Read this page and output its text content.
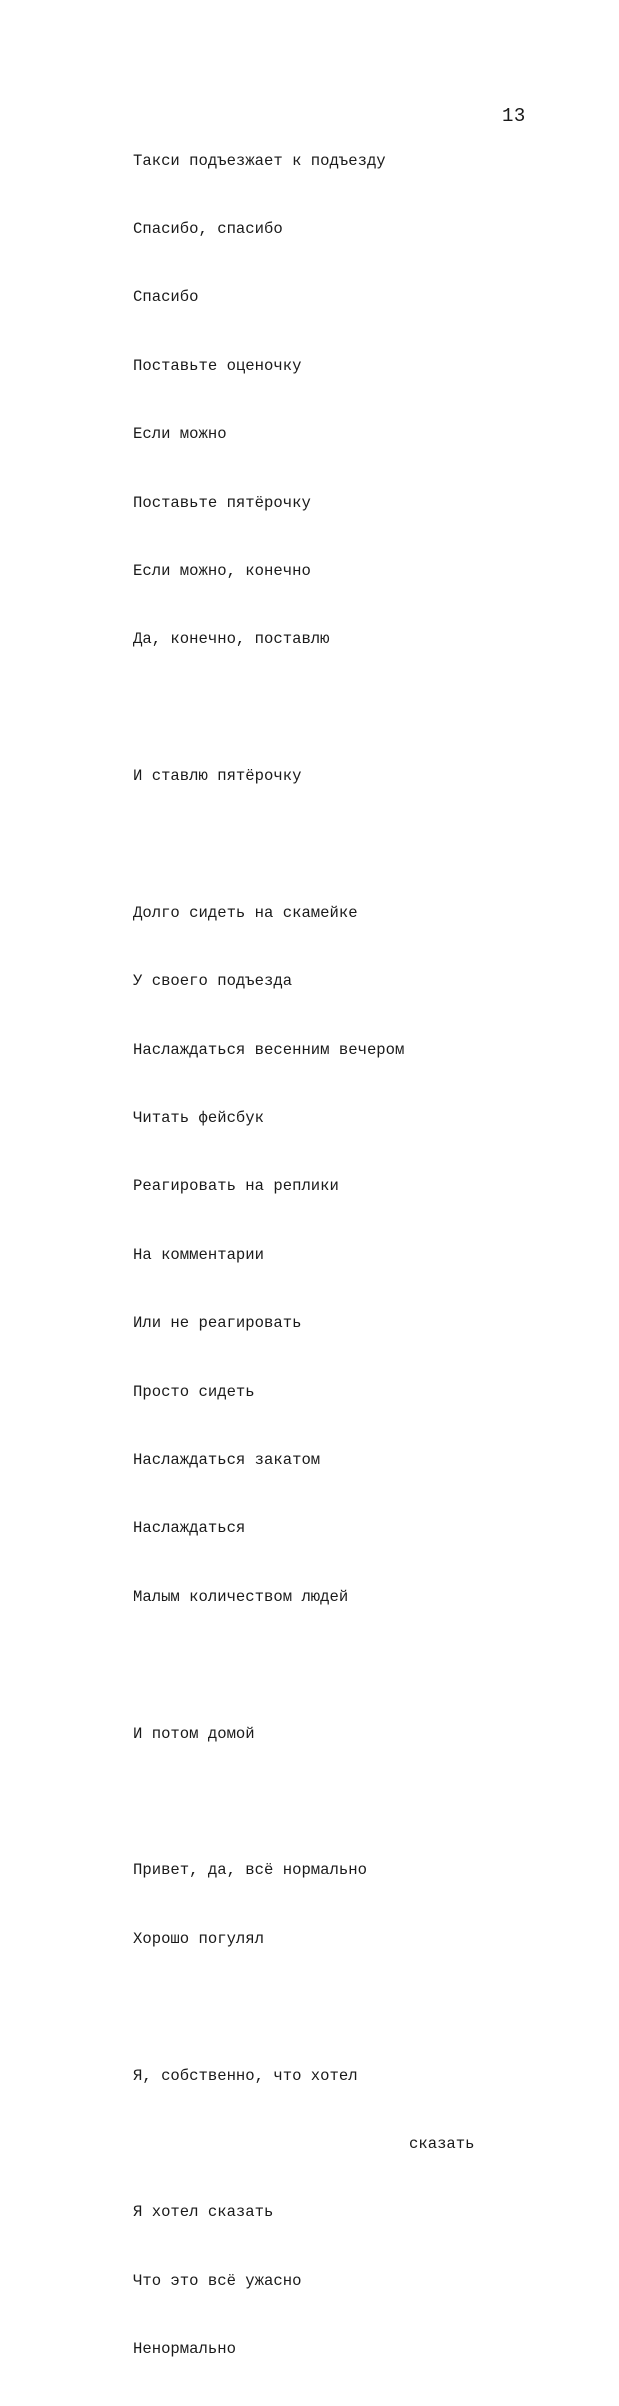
13

Такси подъезжает к подъезду

Спасибо, спасибо

Спасибо

Поставьте оценочку

Если можно

Поставьте пятёрочку

Если можно, конечно

Да, конечно, поставлю

И ставлю пятёрочку

Долго сидеть на скамейке

У своего подъезда

Наслаждаться весенним вечером

Читать фейсбук

Реагировать на реплики

На комментарии

Или не реагировать

Просто сидеть

Наслаждаться закатом

Наслаждаться

Малым количеством людей

И потом домой

Привет, да, всё нормально

Хорошо погулял

Я, собственно, что хотел

сказать

Я хотел сказать

Что это всё ужасно

Ненормально
